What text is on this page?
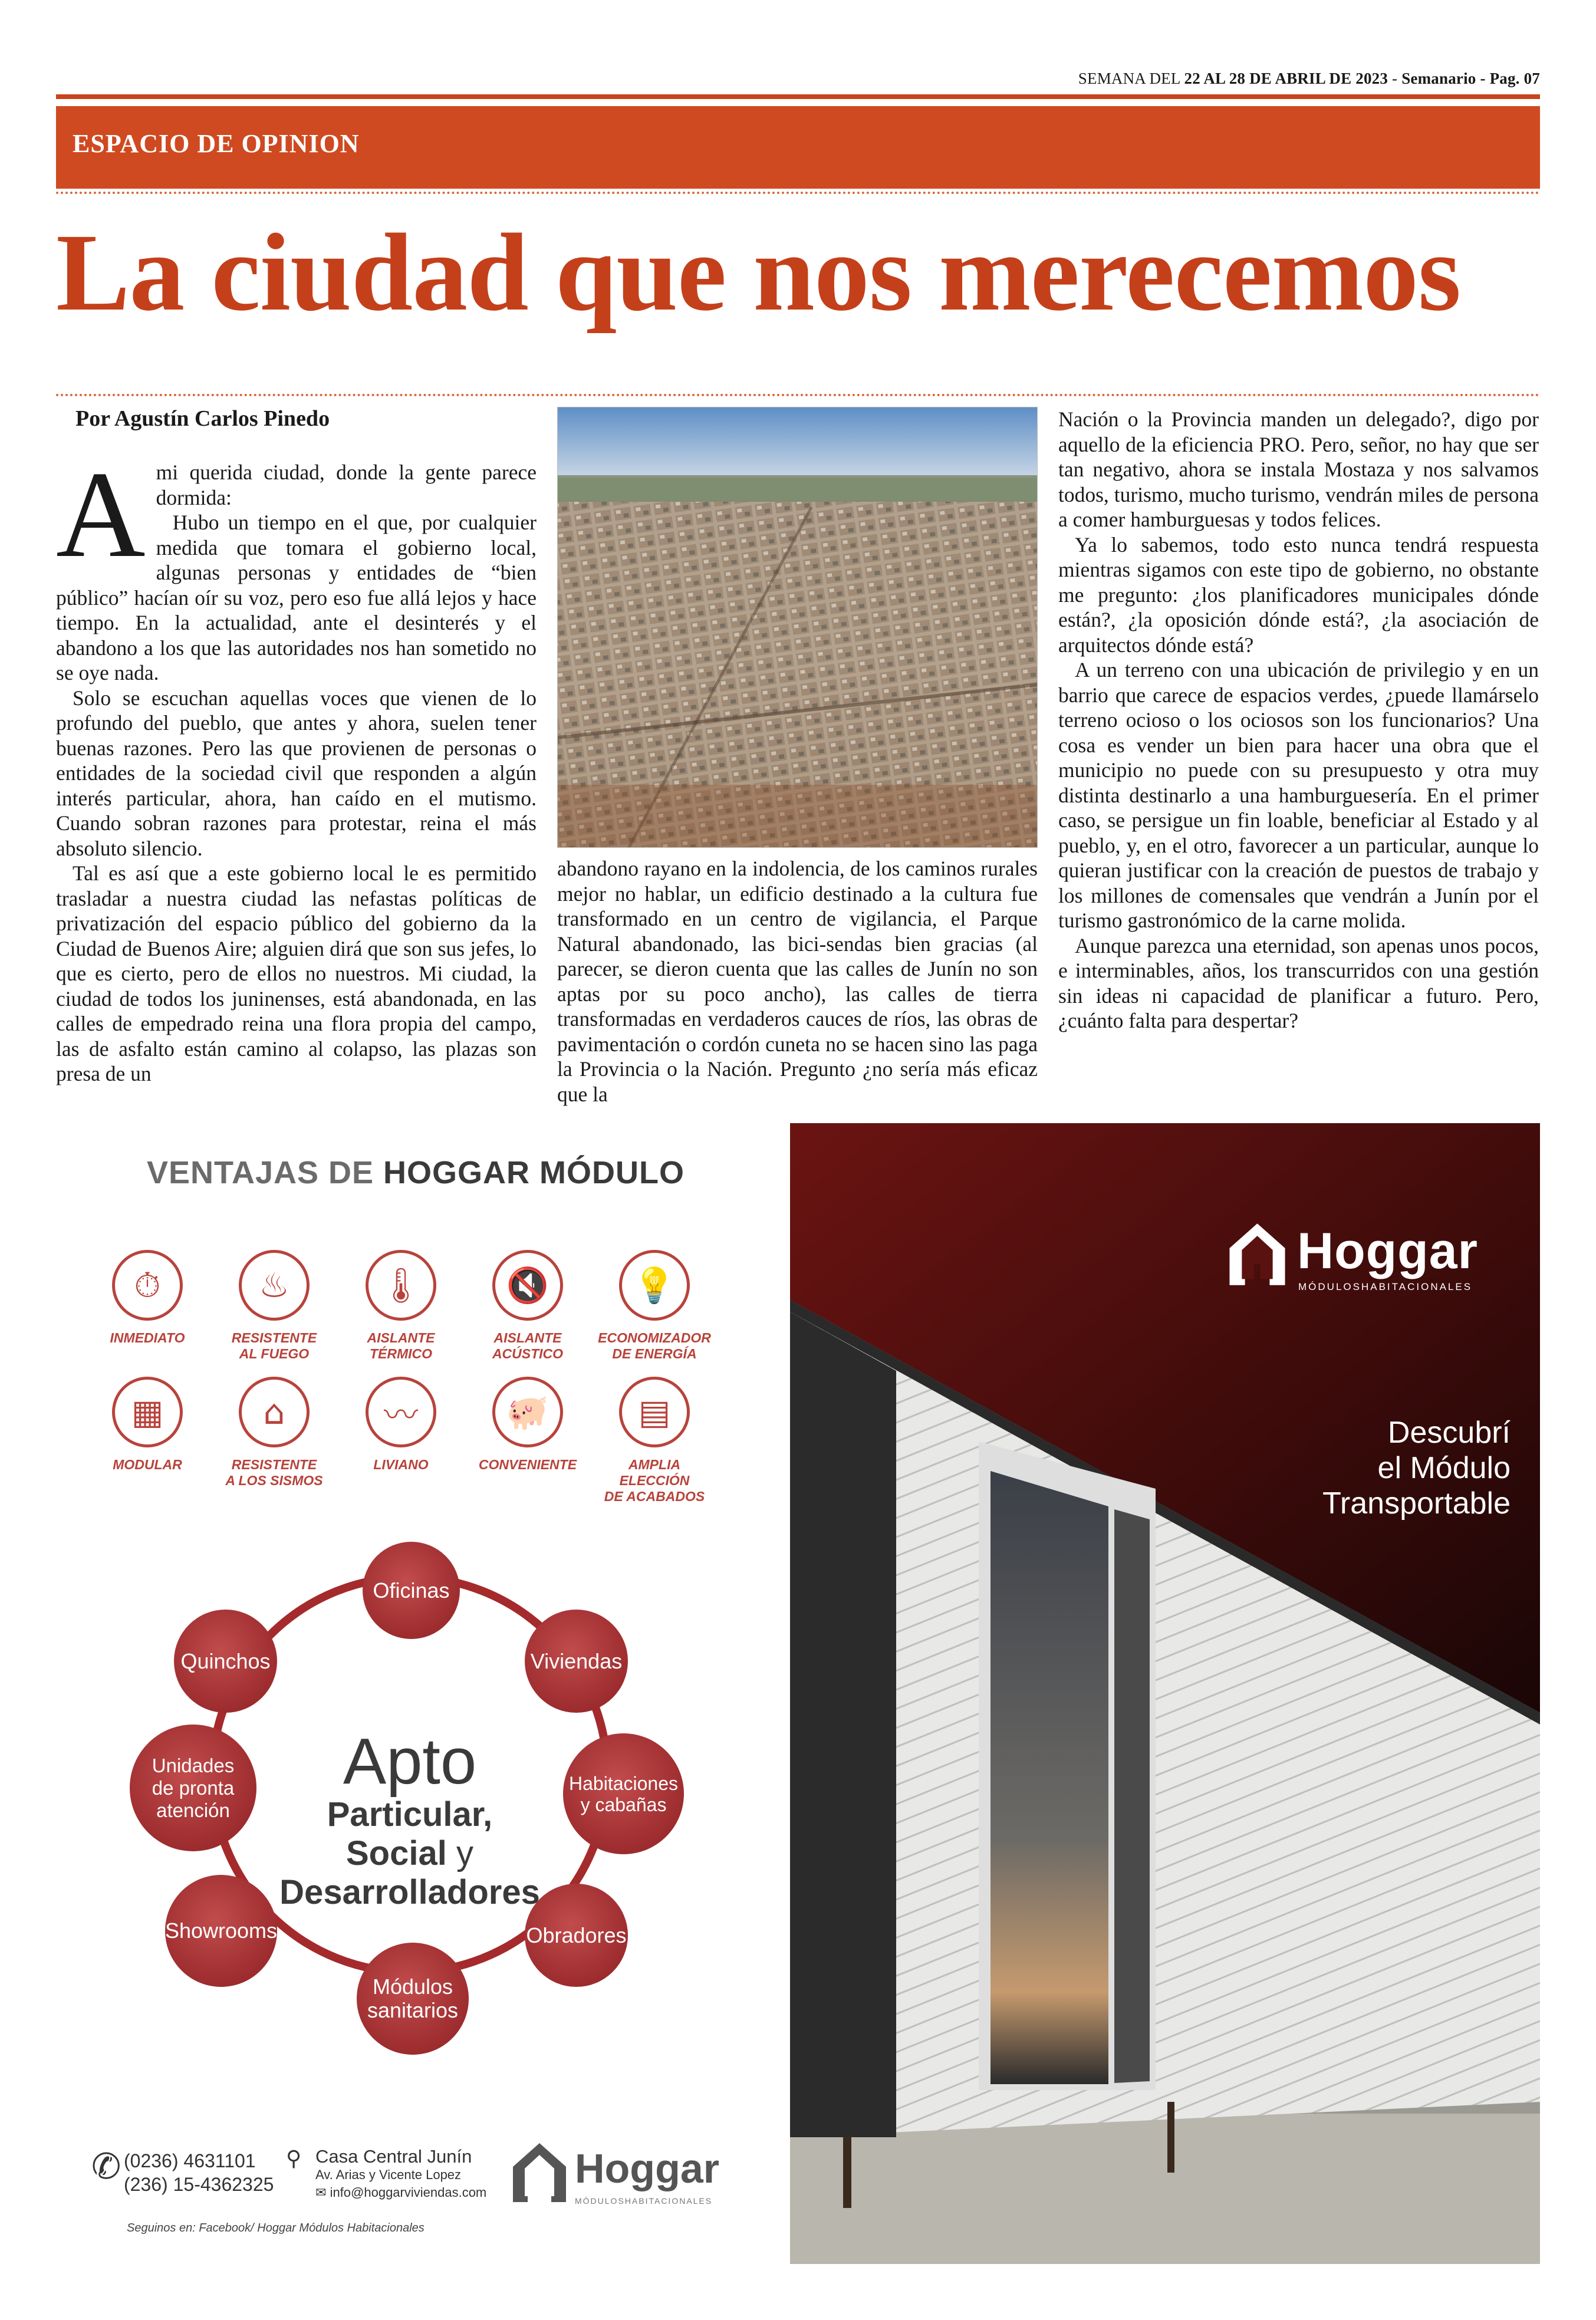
SEMANA DEL 22 AL 28 DE ABRIL DE 2023 - Semanario - Pag. 07
ESPACIO DE OPINION
La ciudad que nos merecemos
Por Agustín Carlos Pinedo

Ami querida ciudad, donde la gente parece dormida:

Hubo un tiempo en el que, por cualquier medida que tomara el gobierno local, algunas personas y entidades de “bien público” hacían oír su voz, pero eso fue allá lejos y hace tiempo. En la actualidad, ante el desinterés y el abandono a los que las autoridades nos han sometido no se oye nada.

Solo se escuchan aquellas voces que vienen de lo profundo del pueblo, que antes y ahora, suelen tener buenas razones. Pero las que provienen de personas o entidades de la sociedad civil que responden a algún interés particular, ahora, han caído en el mutismo. Cuando sobran razones para protestar, reina el más absoluto silencio.

Tal es así que a este gobierno local le es permitido trasladar a nuestra ciudad las nefastas políticas de privatización del espacio público del gobierno da la Ciudad de Buenos Aire; alguien dirá que son sus jefes, lo que es cierto, pero de ellos no nuestros. Mi ciudad, la ciudad de todos los juninenses, está abandonada, en las calles de empedrado reina una flora propia del campo, las de asfalto están camino al colapso, las plazas son presa de un

abandono rayano en la indolencia, de los caminos rurales mejor no hablar, un edificio destinado a la cultura fue transformado en un centro de vigilancia, el Parque Natural abandonado, las bici-sendas bien gracias (al parecer, se dieron cuenta que las calles de Junín no son aptas por su poco ancho), las calles de tierra transformadas en verdaderos cauces de ríos, las obras de pavimentación o cordón cuneta no se hacen sino las paga la Provincia o la Nación. Pregunto ¿no sería más eficaz que la

Nación o la Provincia manden un delegado?, digo por aquello de la eficiencia PRO. Pero, señor, no hay que ser tan negativo, ahora se instala Mostaza y nos salvamos todos, turismo, mucho turismo, vendrán miles de persona a comer hamburguesas y todos felices.

Ya lo sabemos, todo esto nunca tendrá respuesta mientras sigamos con este tipo de gobierno, no obstante me pregunto: ¿los planificadores municipales dónde están?, ¿la oposición dónde está?, ¿la asociación de arquitectos dónde está?

A un terreno con una ubicación de privilegio y en un barrio que carece de espacios verdes, ¿puede llamárselo terreno ocioso o los ociosos son los funcionarios? Una cosa es vender un bien para hacer una obra que el municipio no puede con su presupuesto y otra muy distinta destinarlo a una hamburguesería. En el primer caso, se persigue un fin loable, beneficiar al Estado y al pueblo, y, en el otro, favorecer a un particular, aunque lo quieran justificar con la creación de puestos de trabajo y los millones de comensales que vendrán a Junín por el turismo gastronómico de la carne molida.

Aunque parezca una eternidad, son apenas unos pocos, e interminables, años, los transcurridos con una gestión sin ideas ni capacidad de planificar a futuro. Pero, ¿cuánto falta para despertar?

VENTAJAS DE HOGGAR MÓDULO
⏱
INMEDIATO
♨
RESISTENTE
AL FUEGO
🌡
AISLANTE
TÉRMICO
🔇
AISLANTE
ACÚSTICO
💡
ECONOMIZADOR
DE ENERGÍA
▦
MODULAR
⌂
RESISTENTE
A LOS SISMOS
〰
LIVIANO
🐖
CONVENIENTE
▤
AMPLIA ELECCIÓN
DE ACABADOS
Oficinas
Viviendas
Habitaciones
y cabañas
Obradores
Módulos
sanitarios
Showrooms
Unidades
de pronta
atención
Quinchos
Apto
Particular,
Social y
Desarrolladores
✆ (0236) 4631101
(236) 15-4362325
⚲ Casa Central Junín
Av. Arias y Vicente Lopez
✉ info@hoggarviviendas.com
Seguinos en: Facebook/ Hoggar Módulos Habitacionales
Hoggar
MÓDULOSHABITACIONALES
Hoggar
MÓDULOSHABITACIONALES
Descubrí
el Módulo
Transportable
